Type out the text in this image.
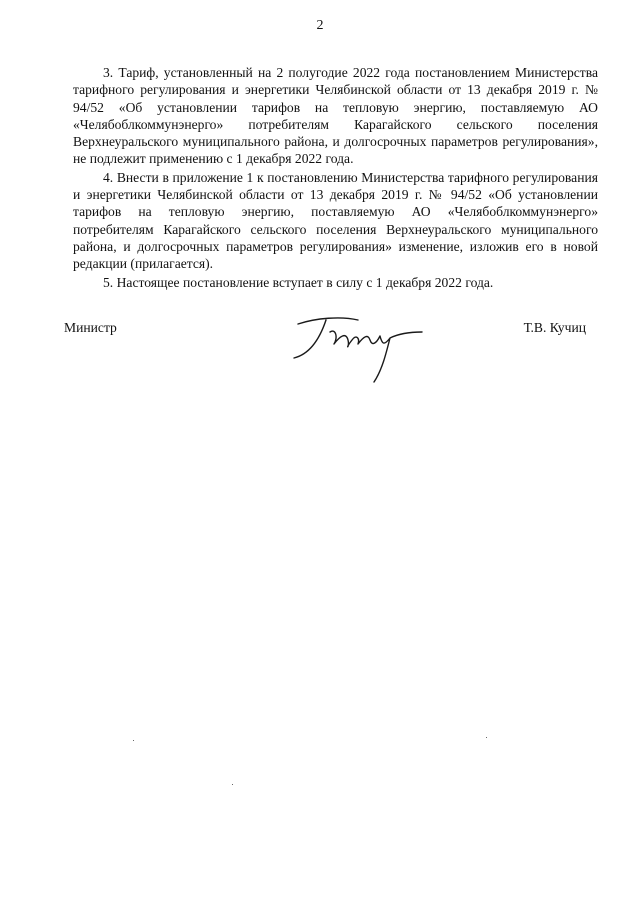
2

3. Тариф, установленный на 2 полугодие 2022 года постановлением Министерства тарифного регулирования и энергетики Челябинской области от 13 декабря 2019 г. № 94/52 «Об установлении тарифов на тепловую энергию, поставляемую АО «Челябоблкоммунэнерго» потребителям Карагайского сельского поселения Верхнеуральского муниципального района, и долгосрочных параметров регулирования», не подлежит применению с 1 декабря 2022 года.

4. Внести в приложение 1 к постановлению Министерства тарифного регулирования и энергетики Челябинской области от 13 декабря 2019 г. № 94/52 «Об установлении тарифов на тепловую энергию, поставляемую АО «Челябоблкоммунэнерго» потребителям Карагайского сельского поселения Верхнеуральского муниципального района, и долгосрочных параметров регулирования» изменение, изложив его в новой редакции (прилагается).

5. Настоящее постановление вступает в силу с 1 декабря 2022 года.

Министр	Т.В. Кучиц
